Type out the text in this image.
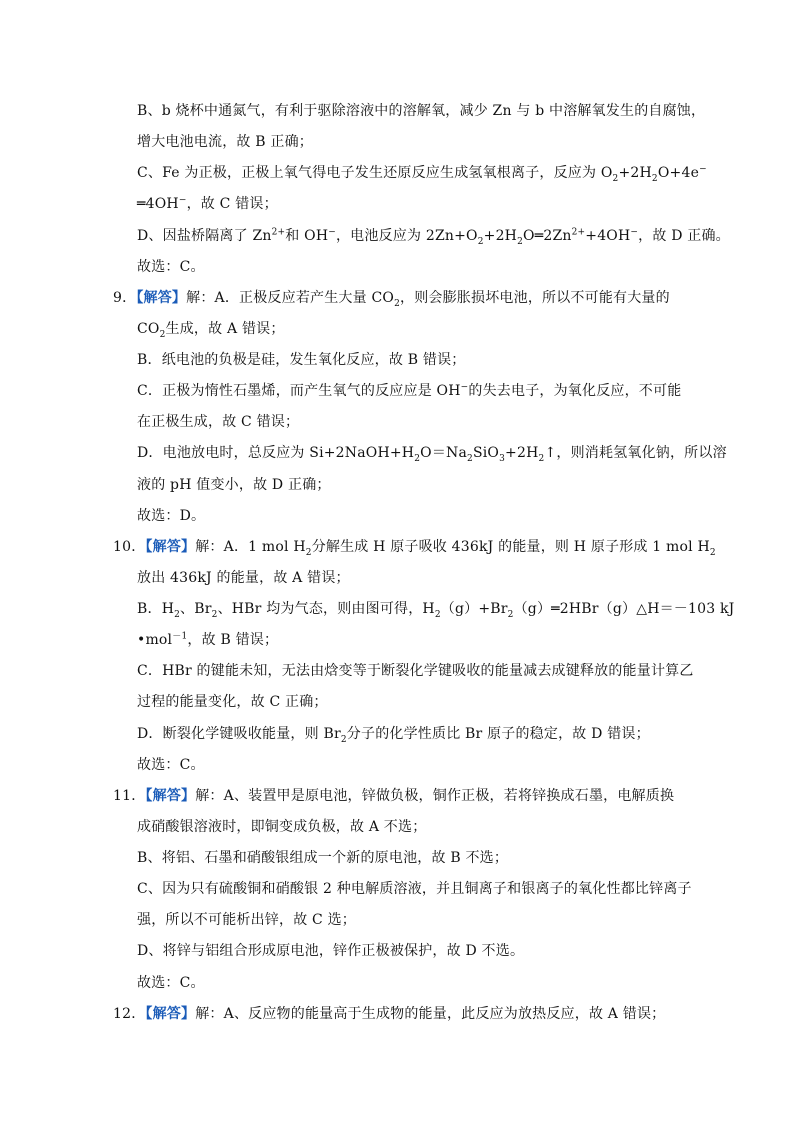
B、b 烧杯中通氮气，有利于驱除溶液中的溶解氧，减少 Zn 与 b 中溶解氧发生的自腐蚀，
增大电池电流，故 B 正确；
C、Fe 为正极，正极上氧气得电子发生还原反应生成氢氧根离子，反应为 $O_2+2H_2O+4e^-$
═4OH−，故 C 错误；
D、因盐桥隔离了 $Zn^{2+}$和 OH−，电池反应为 $2Zn+O_2+2H_2O═2Zn^{2+}+4OH^-$，故 D 正确。
故选：C。
9．【解答】解：A．正极反应若产生大量 $CO_2$，则会膨胀损坏电池，所以不可能有大量的
$CO_2$生成，故 A 错误；
B．纸电池的负极是硅，发生氧化反应，故 B 错误；
C．正极为惰性石墨烯，而产生氧气的反应应是 OH−的失去电子，为氧化反应，不可能
在正极生成，故 C 错误；
D．电池放电时，总反应为 $Si+2NaOH+H_2O=Na_2SiO_3+2H_2↑$，则消耗氢氧化钠，所以溶
液的 pH 值变小，故 D 正确；
故选：D。
10．【解答】解：A．1 mol $H_2$分解生成 H 原子吸收 436kJ 的能量，则 H 原子形成 1 mol $H_2$
放出 436kJ 的能量，故 A 错误；
B．$H_2$、$Br_2$、HBr 均为气态，则由图可得，$H_2(g)+Br_2(g)═2HBr(g)\triangle H=-103$ kJ
•mol$^{-1}$，故 B 错误；
C．HBr 的键能未知，无法由焓变等于断裂化学键吸收的能量减去成键释放的能量计算乙
过程的能量变化，故 C 正确；
D．断裂化学键吸收能量，则 $Br_2$分子的化学性质比 Br 原子的稳定，故 D 错误；
故选：C。
11．【解答】解：A、装置甲是原电池，锌做负极，铜作正极，若将锌换成石墨，电解质换
成硝酸银溶液时，即铜变成负极，故 A 不选；
B、将铝、石墨和硝酸银组成一个新的原电池，故 B 不选；
C、因为只有硫酸铜和硝酸银 2 种电解质溶液，并且铜离子和银离子的氧化性都比锌离子
强，所以不可能析出锌，故 C 选；
D、将锌与铝组合形成原电池，锌作正极被保护，故 D 不选。
故选：C。
12．【解答】解：A、反应物的能量高于生成物的能量，此反应为放热反应，故 A 错误；
